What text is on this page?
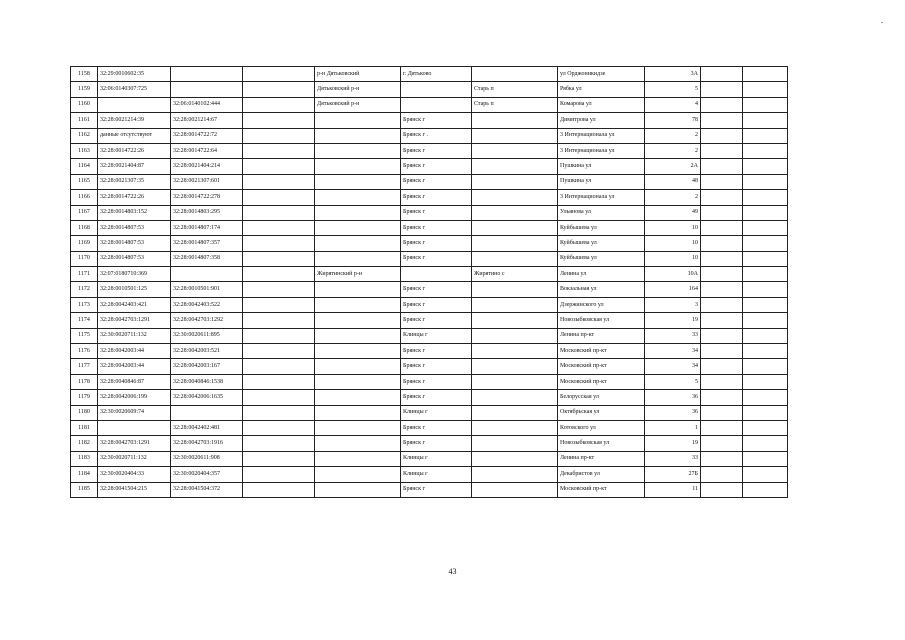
1158	32:29:0010602:35			р-н Дятьковский	г. Дятьково		ул Орджоникидзе	3А		
1159	32:06:0140307:725			Дятьковский р-н		Старь п	Рябка ул	5		
1160		32:06:0140102:444		Дятьковский р-н		Старь п	Комарова ул	4		
1161	32:28:0021214:39	32:28:0021214:67			Брянск г		Димитрова ул	78		
1162	данные отсутствуют	32:28:0014722:72			Брянск г .		3 Интернационала ул	2		
1163	32:28:0014722:26	32:28:0014722:64			Брянск г		3 Интернационала ул	2		
1164	32:28:0021404:87	32:28:0021404:214			Брянск г		Пушкина ул	2А		
1165	32:28:0021307:35	32:28:0021307:601			Брянск г		Пушкина ул	48		
1166	32:28:0014722:26	32:28:0014722:278			Брянск г		3 Интернационала ул	2		
1167	32:28:0014803:152	32:28:0014803:295			Брянск г		Ульянова ул	49		
1168	32:28:0014807:53	32:28:0014807:174			Брянск г		Куйбышева ул	10		
1169	32:28:0014807:53	32:28:0014807:357			Брянск г		Куйбышева ул	10		
1170	32:28:0014807:53	32:28:0014807:358			Брянск г		Куйбышева ул	10		
1171	32:07:0180710:369			Жирятинский р-н		Жирятино с	Ленина ул	10А		
1172	32:28:0010501:125	32:28:0010501:901			Брянск г		Вокзальная ул	164		
1173	32:28:0042403:421	32:28:0042403:522			Брянск г		Дзержинского ул	3		
1174	32:28:0042703:1291	32:28:0042703:1292			Брянск г		Новозыбковская ул	19		
1175	32:30:0020711:132	32:30:0020611:895			Клинцы г		Ленина пр-кт	33		
1176	32:28:0042003:44	32:28:0042003:521			Брянск г		Московский пр-кт	34		
1177	32:28:0042003:44	32:28:0042003:167			Брянск г		Московский пр-кт	34		
1178	32:28:0040846:87	32:28:0040846:1538			Брянск г		Московский пр-кт	5		
1179	32:28:0042006:199	32:28:0042006:1635			Брянск г		Белорусская ул	36		
1180	32:30:0020609:74				Клинцы г		Октябрьская ул	36		
1181		32:28:0042402:481			Брянск г		Котовского ул	1		
1182	32:28:0042703:1291	32:28:0042703:1916			Брянск г		Новозыбковская ул	19		
1183	32:30:0020711:132	32:30:0020611:908			Клинцы г		Ленина пр-кт	33		
1184	32:30:0020404:33	32:30:0020404:357			Клинцы г		Декабристов ул	27Б		
1185	32:28:0041504:215	32:28:0041504:372			Брянск г		Московский пр-кт	11		
43
